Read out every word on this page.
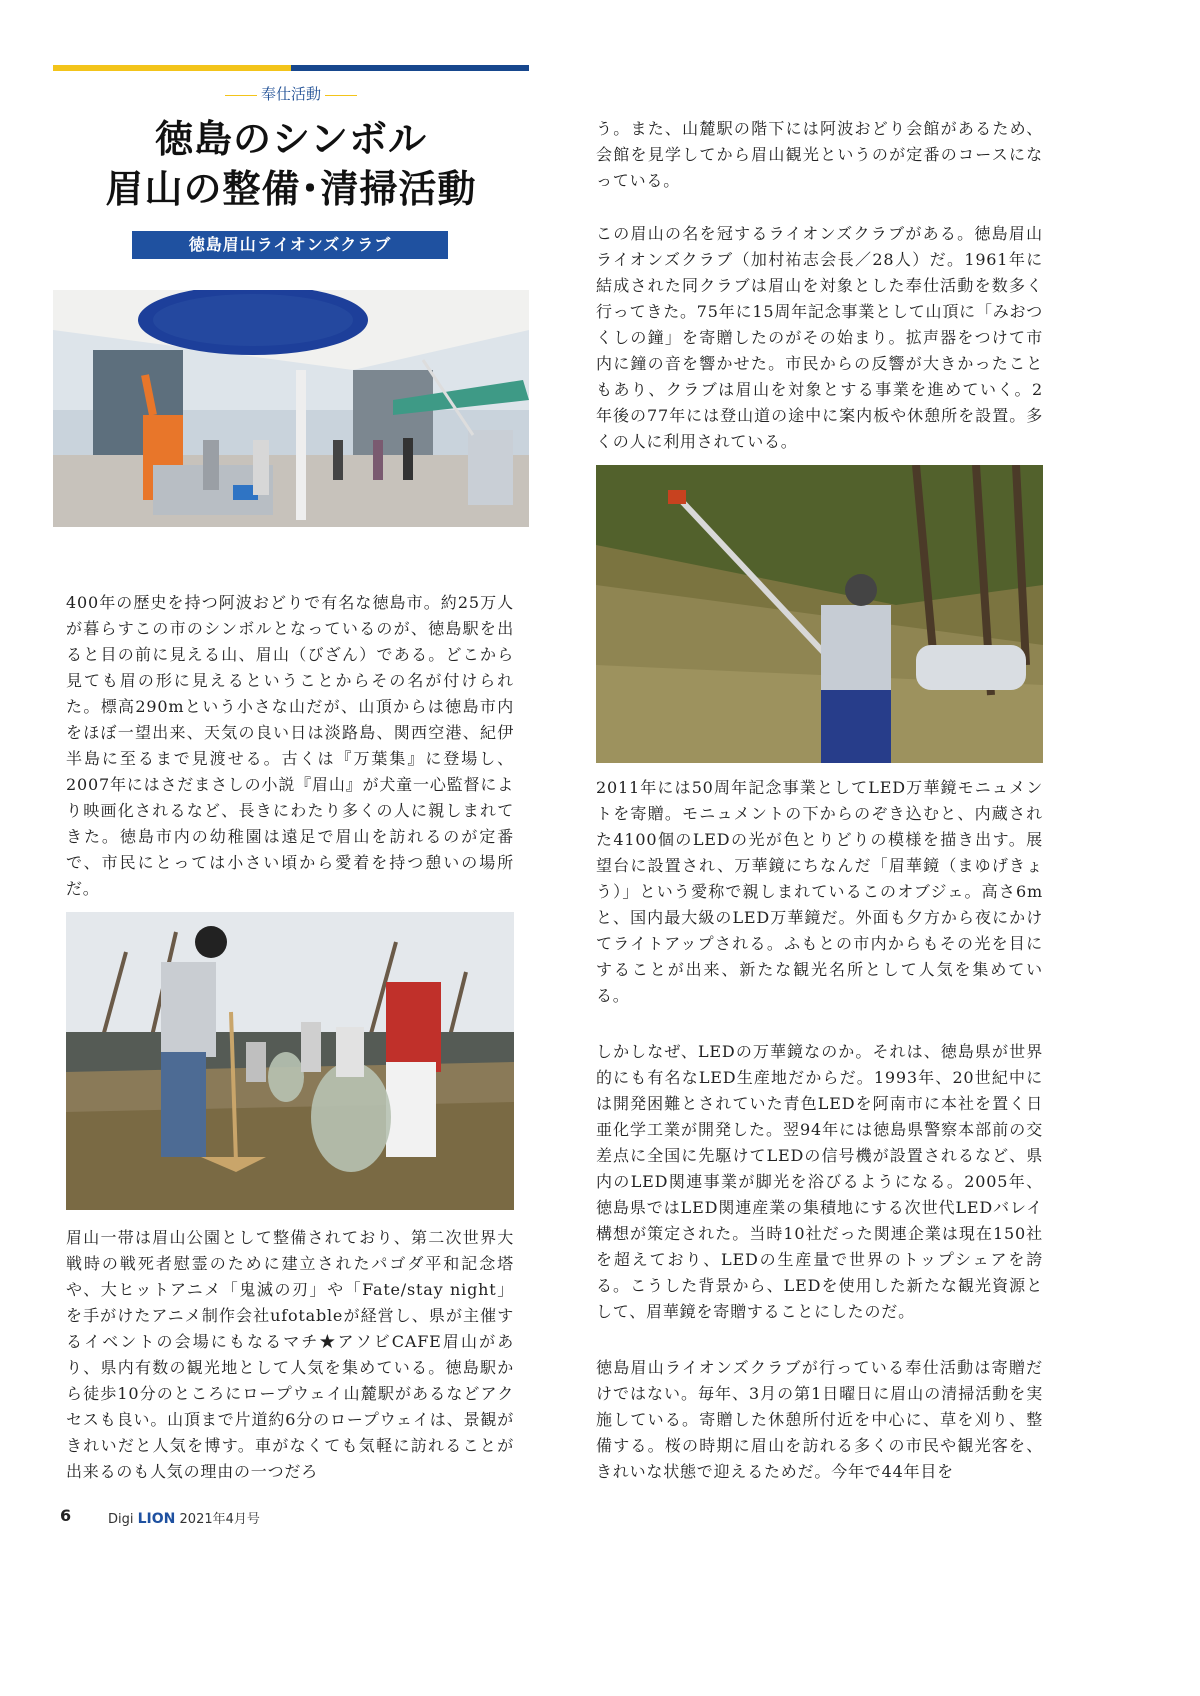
奉仕活動
徳島のシンボル
眉山の整備･清掃活動
徳島眉山ライオンズクラブ

400年の歴史を持つ阿波おどりで有名な徳島市。約25万人が暮らすこの市のシンボルとなっているのが、徳島駅を出ると目の前に見える山、眉山（びざん）である。どこから見ても眉の形に見えるということからその名が付けられた。標高290mという小さな山だが、山頂からは徳島市内をほぼ一望出来、天気の良い日は淡路島、関西空港、紀伊半島に至るまで見渡せる。古くは『万葉集』に登場し、2007年にはさだまさしの小説『眉山』が犬童一心監督により映画化されるなど、長きにわたり多くの人に親しまれてきた。徳島市内の幼稚園は遠足で眉山を訪れるのが定番で、市民にとっては小さい頃から愛着を持つ憩いの場所だ。

眉山一帯は眉山公園として整備されており、第二次世界大戦時の戦死者慰霊のために建立されたパゴダ平和記念塔や、大ヒットアニメ「鬼滅の刃」や「Fate/stay night」を手がけたアニメ制作会社ufotableが経営し、県が主催するイベントの会場にもなるマチ★アソビCAFE眉山があり、県内有数の観光地として人気を集めている。徳島駅から徒歩10分のところにロープウェイ山麓駅があるなどアクセスも良い。山頂まで片道約6分のロープウェイは、景観がきれいだと人気を博す。車がなくても気軽に訪れることが出来るのも人気の理由の一つだろ

う。また、山麓駅の階下には阿波おどり会館があるため、会館を見学してから眉山観光というのが定番のコースになっている。

この眉山の名を冠するライオンズクラブがある。徳島眉山ライオンズクラブ（加村祐志会長／28人）だ。1961年に結成された同クラブは眉山を対象とした奉仕活動を数多く行ってきた。75年に15周年記念事業として山頂に「みおつくしの鐘」を寄贈したのがその始まり。拡声器をつけて市内に鐘の音を響かせた。市民からの反響が大きかったこともあり、クラブは眉山を対象とする事業を進めていく。2年後の77年には登山道の途中に案内板や休憩所を設置。多くの人に利用されている。

2011年には50周年記念事業としてLED万華鏡モニュメントを寄贈。モニュメントの下からのぞき込むと、内蔵された4100個のLEDの光が色とりどりの模様を描き出す。展望台に設置され、万華鏡にちなんだ「眉華鏡（まゆげきょう）」という愛称で親しまれているこのオブジェ。高さ6mと、国内最大級のLED万華鏡だ。外面も夕方から夜にかけてライトアップされる。ふもとの市内からもその光を目にすることが出来、新たな観光名所として人気を集めている。

しかしなぜ、LEDの万華鏡なのか。それは、徳島県が世界的にも有名なLED生産地だからだ。1993年、20世紀中には開発困難とされていた青色LEDを阿南市に本社を置く日亜化学工業が開発した。翌94年には徳島県警察本部前の交差点に全国に先駆けてLEDの信号機が設置されるなど、県内のLED関連事業が脚光を浴びるようになる。2005年、徳島県ではLED関連産業の集積地にする次世代LEDバレイ構想が策定された。当時10社だった関連企業は現在150社を超えており、LEDの生産量で世界のトップシェアを誇る。こうした背景から、LEDを使用した新たな観光資源として、眉華鏡を寄贈することにしたのだ。

徳島眉山ライオンズクラブが行っている奉仕活動は寄贈だけではない。毎年、3月の第1日曜日に眉山の清掃活動を実施している。寄贈した休憩所付近を中心に、草を刈り、整備する。桜の時期に眉山を訪れる多くの市民や観光客を、きれいな状態で迎えるためだ。今年で44年目を

6	Digi LION 2021年4月号
